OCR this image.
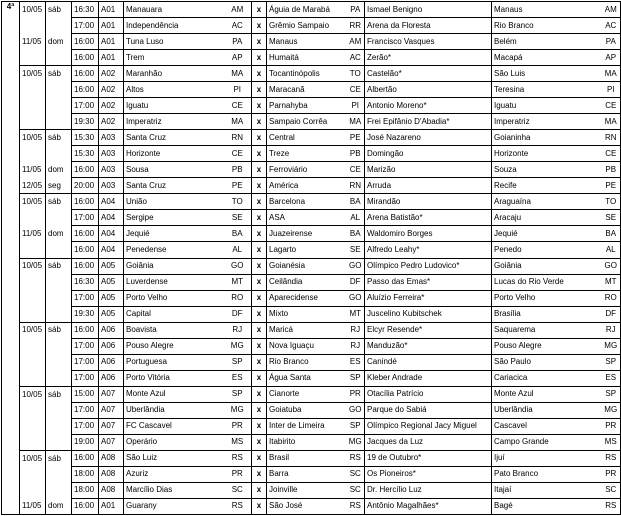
4ª	10/05	sáb	16:30	A01	Manauara	AM	x	Águia de Marabá	PA	Ismael Benigno	Manaus	AM
			17:00	A01	Independência	AC	x	Grêmio Sampaio	RR	Arena da Floresta	Rio Branco	AC
	11/05	dom	16:00	A01	Tuna Luso	PA	x	Manaus	AM	Francisco Vasques	Belém	PA
			16:00	A01	Trem	AP	x	Humaitá	AC	Zerão*	Macapá	AP
	10/05	sáb	16:00	A02	Maranhão	MA	x	Tocantinópolis	TO	Castelão*	São Luis	MA
			16:00	A02	Altos	PI	x	Maracanã	CE	Albertão	Teresina	PI
			17:00	A02	Iguatu	CE	x	Parnahyba	PI	Antonio Moreno*	Iguatu	CE
			19:30	A02	Imperatriz	MA	x	Sampaio Corrêa	MA	Frei Epifânio D'Abadia*	Imperatriz	MA
	10/05	sáb	15:30	A03	Santa Cruz	RN	x	Central	PE	José Nazareno	Goianinha	RN
			15:30	A03	Horizonte	CE	x	Treze	PB	Domingão	Horizonte	CE
	11/05	dom	16:00	A03	Sousa	PB	x	Ferroviário	CE	Marizão	Souza	PB
	12/05	seg	20:00	A03	Santa Cruz	PE	x	América	RN	Arruda	Recife	PE
	10/05	sáb	16:00	A04	União	TO	x	Barcelona	BA	Mirandão	Araguaína	TO
			17:00	A04	Sergipe	SE	x	ASA	AL	Arena Batistão*	Aracaju	SE
	11/05	dom	16:00	A04	Jequié	BA	x	Juazeirense	BA	Waldomiro Borges	Jequié	BA
			16:00	A04	Penedense	AL	x	Lagarto	SE	Alfredo Leahy*	Penedo	AL
	10/05	sáb	16:00	A05	Goiânia	GO	x	Goianésia	GO	Olímpico Pedro Ludovico*	Goiânia	GO
			16:30	A05	Luverdense	MT	x	Ceilândia	DF	Passo das Emas*	Lucas do Rio Verde	MT
			17:00	A05	Porto Velho	RO	x	Aparecidense	GO	Aluízio Ferreira*	Porto Velho	RO
			19:30	A05	Capital	DF	x	Mixto	MT	Juscelino Kubitschek	Brasília	DF
	10/05	sáb	16:00	A06	Boavista	RJ	x	Maricá	RJ	Elcyr Resende*	Saquarema	RJ
			17:00	A06	Pouso Alegre	MG	x	Nova Iguaçu	RJ	Manduzão*	Pouso Alegre	MG
			17:00	A06	Portuguesa	SP	x	Rio Branco	ES	Canindé	São Paulo	SP
			17:00	A06	Porto Vitória	ES	x	Água Santa	SP	Kleber Andrade	Cariacica	ES
	10/05	sáb	15:00	A07	Monte Azul	SP	x	Cianorte	PR	Otacília Patrício	Monte Azul	SP
			17:00	A07	Uberlândia	MG	x	Goiatuba	GO	Parque do Sabiá	Uberlândia	MG
			17:00	A07	FC Cascavel	PR	x	Inter de Limeira	SP	Olímpico Regional Jacy Miguel	Cascavel	PR
			19:00	A07	Operário	MS	x	Itabirito	MG	Jacques da Luz	Campo Grande	MS
	10/05	sáb	16:00	A08	São Luiz	RS	x	Brasil	RS	19 de Outubro*	Ijuí	RS
			18:00	A08	Azuriz	PR	x	Barra	SC	Os Pioneiros*	Pato Branco	PR
			18:00	A08	Marcílio Dias	SC	x	Joinville	SC	Dr. Hercílio Luz	Itajaí	SC
	11/05	dom	16:00	A01	Guarany	RS	x	São José	RS	Antônio Magalhães*	Bagé	RS
